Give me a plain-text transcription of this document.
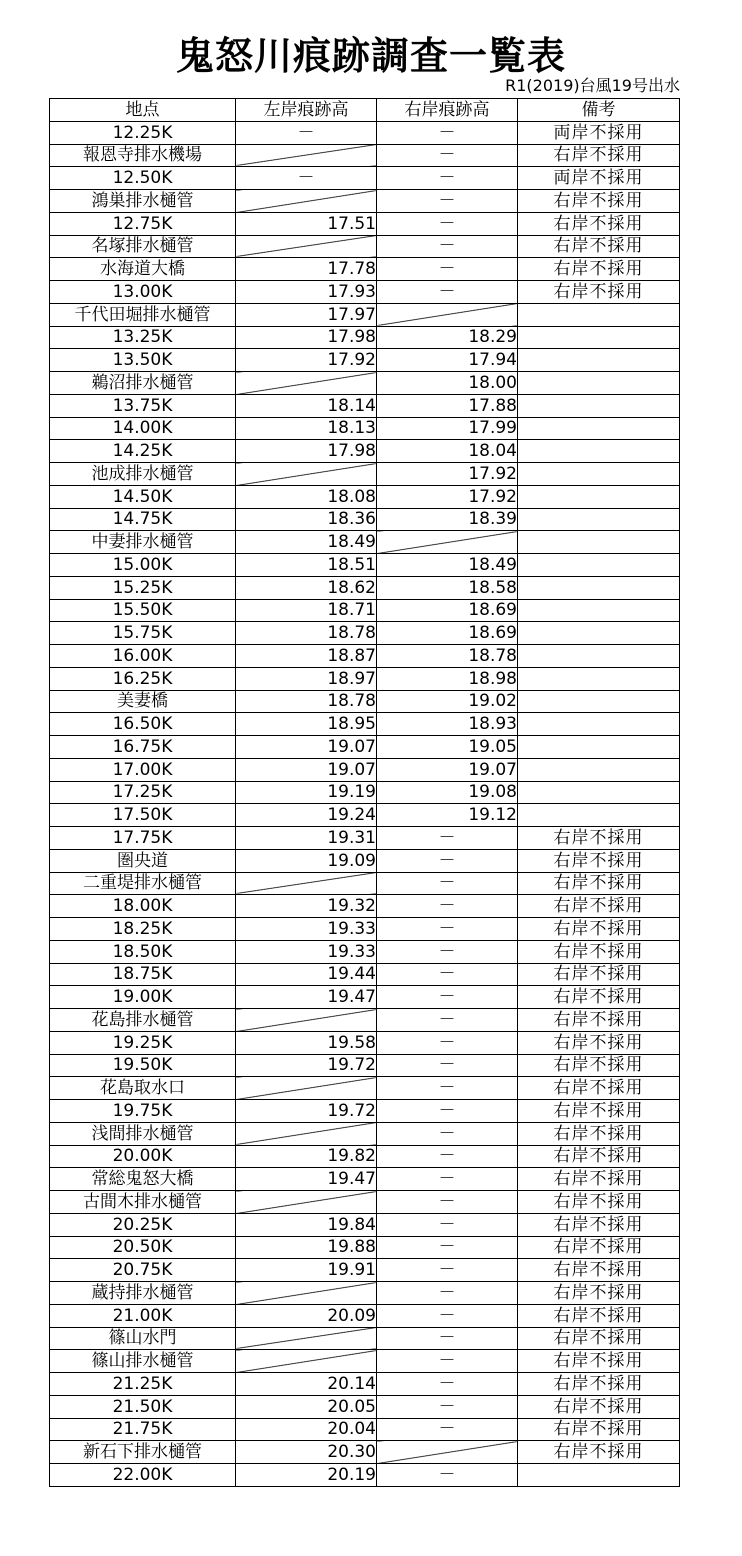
鬼怒川痕跡調査一覧表
R1(2019)台風19号出水
地点	左岸痕跡高	右岸痕跡高	備考
12.25K	－	－	両岸不採用
報恩寺排水機場		－	右岸不採用
12.50K	－	－	両岸不採用
鴻巣排水樋管		－	右岸不採用
12.75K	17.51	－	右岸不採用
名塚排水樋管		－	右岸不採用
水海道大橋	17.78	－	右岸不採用
13.00K	17.93	－	右岸不採用
千代田堀排水樋管	17.97		
13.25K	17.98	18.29	
13.50K	17.92	17.94	
鵜沼排水樋管		18.00	
13.75K	18.14	17.88	
14.00K	18.13	17.99	
14.25K	17.98	18.04	
池成排水樋管		17.92	
14.50K	18.08	17.92	
14.75K	18.36	18.39	
中妻排水樋管	18.49		
15.00K	18.51	18.49	
15.25K	18.62	18.58	
15.50K	18.71	18.69	
15.75K	18.78	18.69	
16.00K	18.87	18.78	
16.25K	18.97	18.98	
美妻橋	18.78	19.02	
16.50K	18.95	18.93	
16.75K	19.07	19.05	
17.00K	19.07	19.07	
17.25K	19.19	19.08	
17.50K	19.24	19.12	
17.75K	19.31	－	右岸不採用
圏央道	19.09	－	右岸不採用
二重堤排水樋管		－	右岸不採用
18.00K	19.32	－	右岸不採用
18.25K	19.33	－	右岸不採用
18.50K	19.33	－	右岸不採用
18.75K	19.44	－	右岸不採用
19.00K	19.47	－	右岸不採用
花島排水樋管		－	右岸不採用
19.25K	19.58	－	右岸不採用
19.50K	19.72	－	右岸不採用
花島取水口		－	右岸不採用
19.75K	19.72	－	右岸不採用
浅間排水樋管		－	右岸不採用
20.00K	19.82	－	右岸不採用
常総鬼怒大橋	19.47	－	右岸不採用
古間木排水樋管		－	右岸不採用
20.25K	19.84	－	右岸不採用
20.50K	19.88	－	右岸不採用
20.75K	19.91	－	右岸不採用
蔵持排水樋管		－	右岸不採用
21.00K	20.09	－	右岸不採用
篠山水門		－	右岸不採用
篠山排水樋管		－	右岸不採用
21.25K	20.14	－	右岸不採用
21.50K	20.05	－	右岸不採用
21.75K	20.04	－	右岸不採用
新石下排水樋管	20.30		右岸不採用
22.00K	20.19	－	
